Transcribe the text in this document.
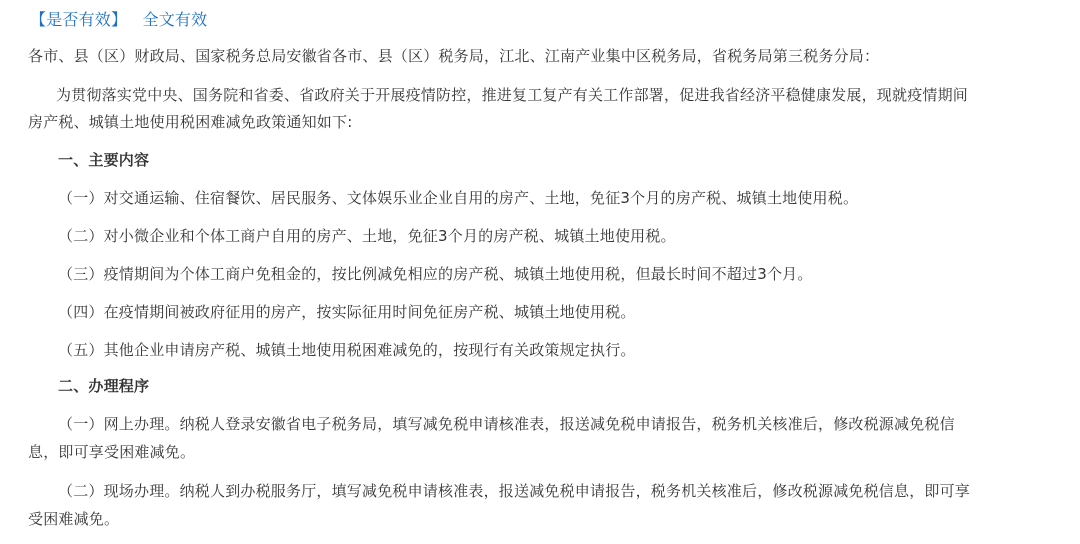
【是否有效】 全文有效
各市、县（区）财政局、国家税务总局安徽省各市、县（区）税务局，江北、江南产业集中区税务局，省税务局第三税务分局：
为贯彻落实党中央、国务院和省委、省政府关于开展疫情防控，推进复工复产有关工作部署，促进我省经济平稳健康发展，现就疫情期间
房产税、城镇土地使用税困难减免政策通知如下:
一、主要内容
（一）对交通运输、住宿餐饮、居民服务、文体娱乐业企业自用的房产、土地，免征3个月的房产税、城镇土地使用税。
（二）对小微企业和个体工商户自用的房产、土地，免征3个月的房产税、城镇土地使用税。
（三）疫情期间为个体工商户免租金的，按比例减免相应的房产税、城镇土地使用税，但最长时间不超过3个月。
（四）在疫情期间被政府征用的房产，按实际征用时间免征房产税、城镇土地使用税。
（五）其他企业申请房产税、城镇土地使用税困难减免的，按现行有关政策规定执行。
二、办理程序
（一）网上办理。纳税人登录安徽省电子税务局，填写减免税申请核准表，报送减免税申请报告，税务机关核准后，修改税源减免税信
息，即可享受困难减免。
（二）现场办理。纳税人到办税服务厅，填写减免税申请核准表，报送减免税申请报告，税务机关核准后，修改税源减免税信息，即可享
受困难减免。
